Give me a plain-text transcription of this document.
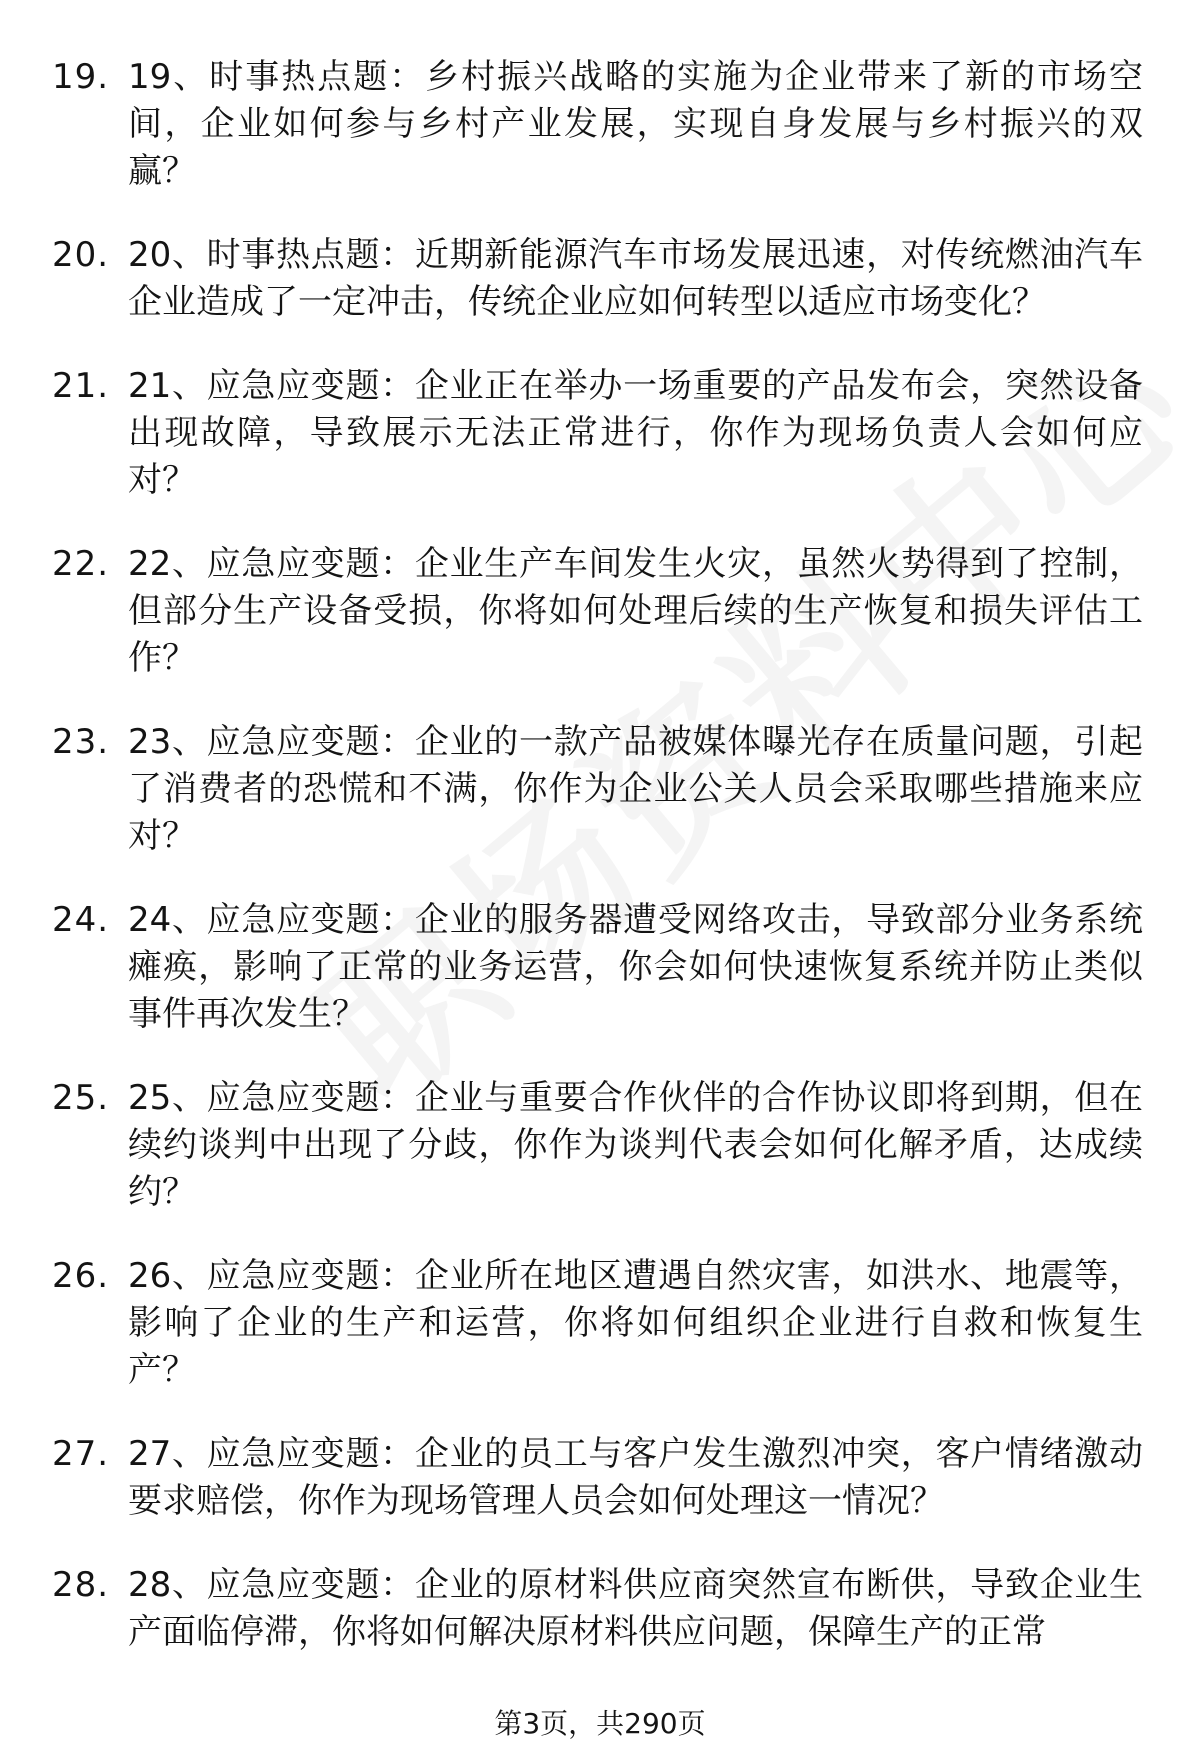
19. 19、时事热点题：乡村振兴战略的实施为企业带来了新的市场空间，企业如何参与乡村产业发展，实现自身发展与乡村振兴的双赢？
20. 20、时事热点题：近期新能源汽车市场发展迅速，对传统燃油汽车企业造成了一定冲击，传统企业应如何转型以适应市场变化？
21. 21、应急应变题：企业正在举办一场重要的产品发布会，突然设备出现故障，导致展示无法正常进行，你作为现场负责人会如何应对？
22. 22、应急应变题：企业生产车间发生火灾，虽然火势得到了控制，但部分生产设备受损，你将如何处理后续的生产恢复和损失评估工作？
23. 23、应急应变题：企业的一款产品被媒体曝光存在质量问题，引起了消费者的恐慌和不满，你作为企业公关人员会采取哪些措施来应对？
24. 24、应急应变题：企业的服务器遭受网络攻击，导致部分业务系统瘫痪，影响了正常的业务运营，你会如何快速恢复系统并防止类似事件再次发生？
25. 25、应急应变题：企业与重要合作伙伴的合作协议即将到期，但在续约谈判中出现了分歧，你作为谈判代表会如何化解矛盾，达成续约？
26. 26、应急应变题：企业所在地区遭遇自然灾害，如洪水、地震等，影响了企业的生产和运营，你将如何组织企业进行自救和恢复生产？
27. 27、应急应变题：企业的员工与客户发生激烈冲突，客户情绪激动要求赔偿，你作为现场管理人员会如何处理这一情况？
28. 28、应急应变题：企业的原材料供应商突然宣布断供，导致企业生产面临停滞，你将如何解决原材料供应问题，保障生产的正常
第3页，共290页
